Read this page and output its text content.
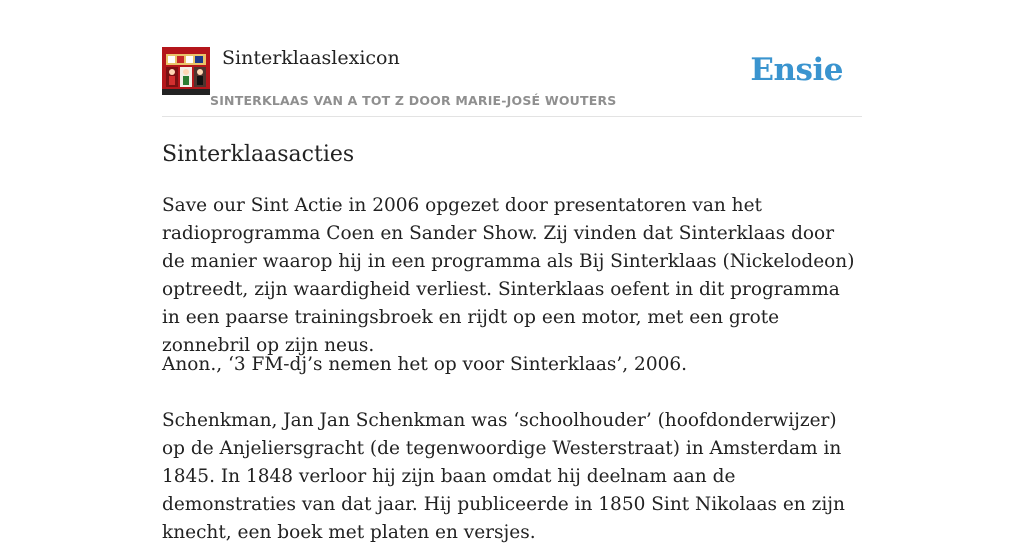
Sinterklaaslexicon
SINTERKLAAS VAN A TOT Z DOOR MARIE-JOSÉ WOUTERS
Ensie
Sinterklaasacties

Save our Sint Actie in 2006 opgezet door presentatoren van het radioprogramma Coen en Sander Show. Zij vinden dat Sinterklaas door de manier waarop hij in een programma als Bij Sinterklaas (Nickelodeon) optreedt, zijn waardigheid verliest. Sinterklaas oefent in dit programma in een paarse trainingsbroek en rijdt op een motor, met een grote zonnebril op zijn neus.

Anon., ‘3 FM-dj’s nemen het op voor Sinterklaas’, 2006.

Schenkman, Jan Jan Schenkman was ‘schoolhouder’ (hoofdonderwijzer) op de Anjeliersgracht (de tegenwoordige Westerstraat) in Amsterdam in 1845. In 1848 verloor hij zijn baan omdat hij deelnam aan de demonstraties van dat jaar. Hij publiceerde in 1850 Sint Nikolaas en zijn knecht, een boek met platen en versjes.
